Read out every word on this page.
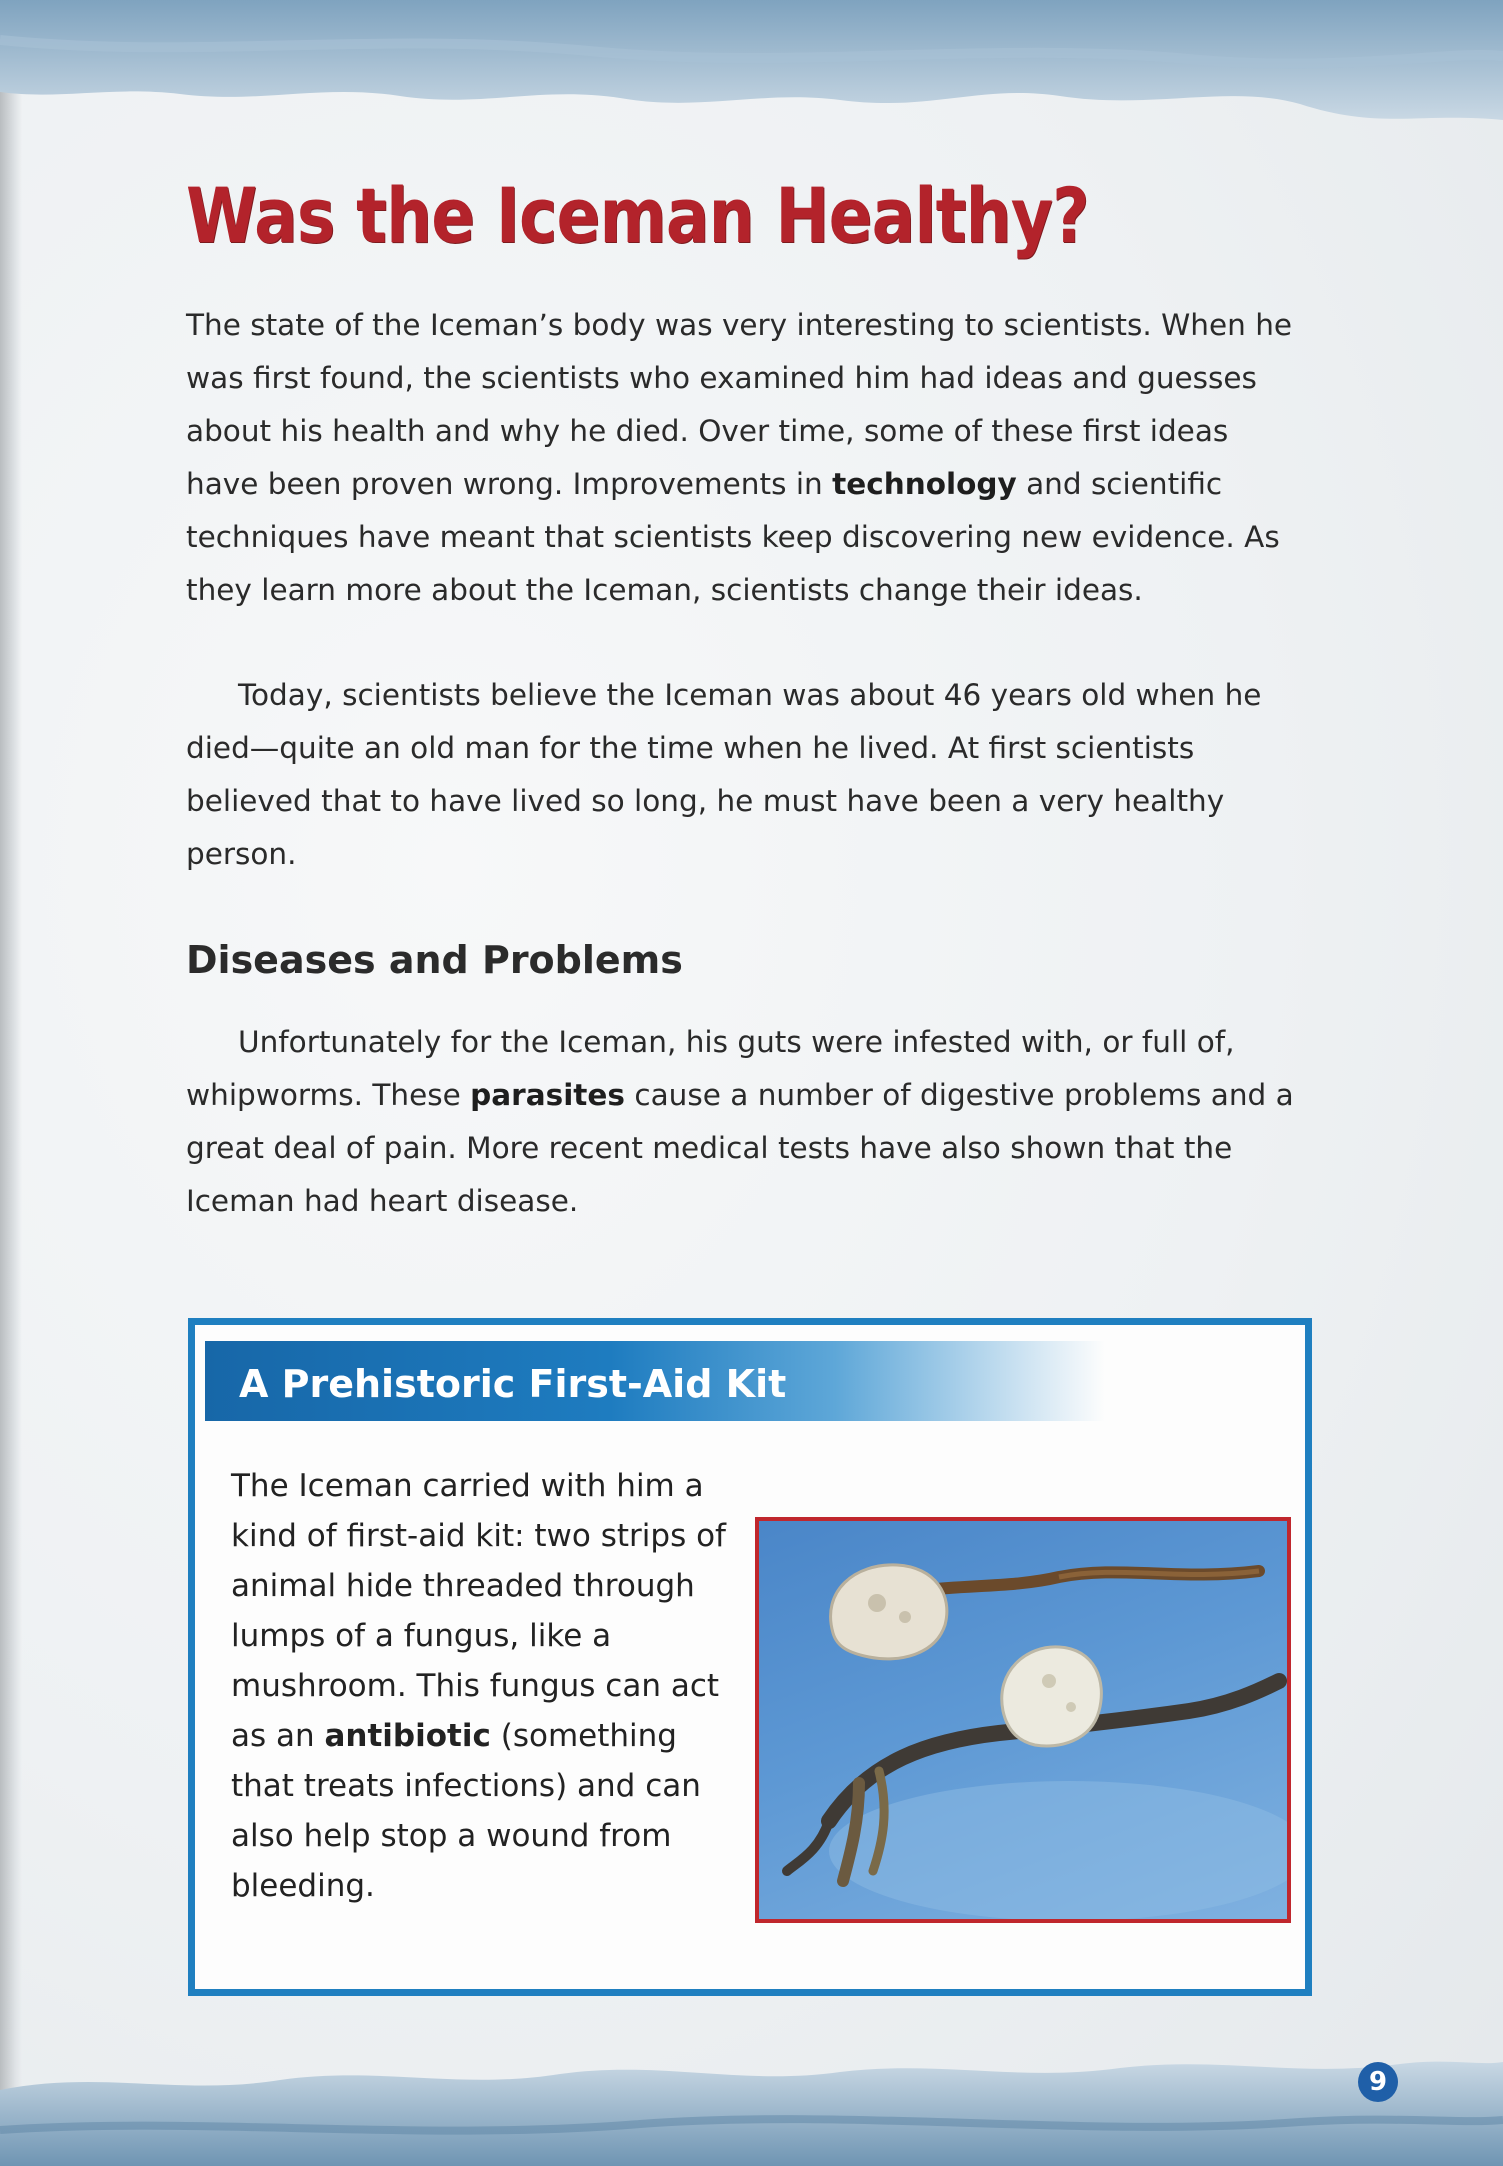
Was the Iceman Healthy?

The state of the Iceman’s body was very interesting to scientists. When he was first found, the scientists who examined him had ideas and guesses about his health and why he died. Over time, some of these first ideas have been proven wrong. Improvements in technology and scientific techniques have meant that scientists keep discovering new evidence. As they learn more about the Iceman, scientists change their ideas.

Today, scientists believe the Iceman was about 46 years old when he died—quite an old man for the time when he lived. At first scientists believed that to have lived so long, he must have been a very healthy person.

Diseases and Problems

Unfortunately for the Iceman, his guts were infested with, or full of, whipworms. These parasites cause a number of digestive problems and a great deal of pain. More recent medical tests have also shown that the Iceman had heart disease.

A Prehistoric First-Aid Kit

The Iceman carried with him a kind of first-aid kit: two strips of animal hide threaded through lumps of a fungus, like a mushroom. This fungus can act as an antibiotic (something that treats infections) and can also help stop a wound from bleeding.

9
